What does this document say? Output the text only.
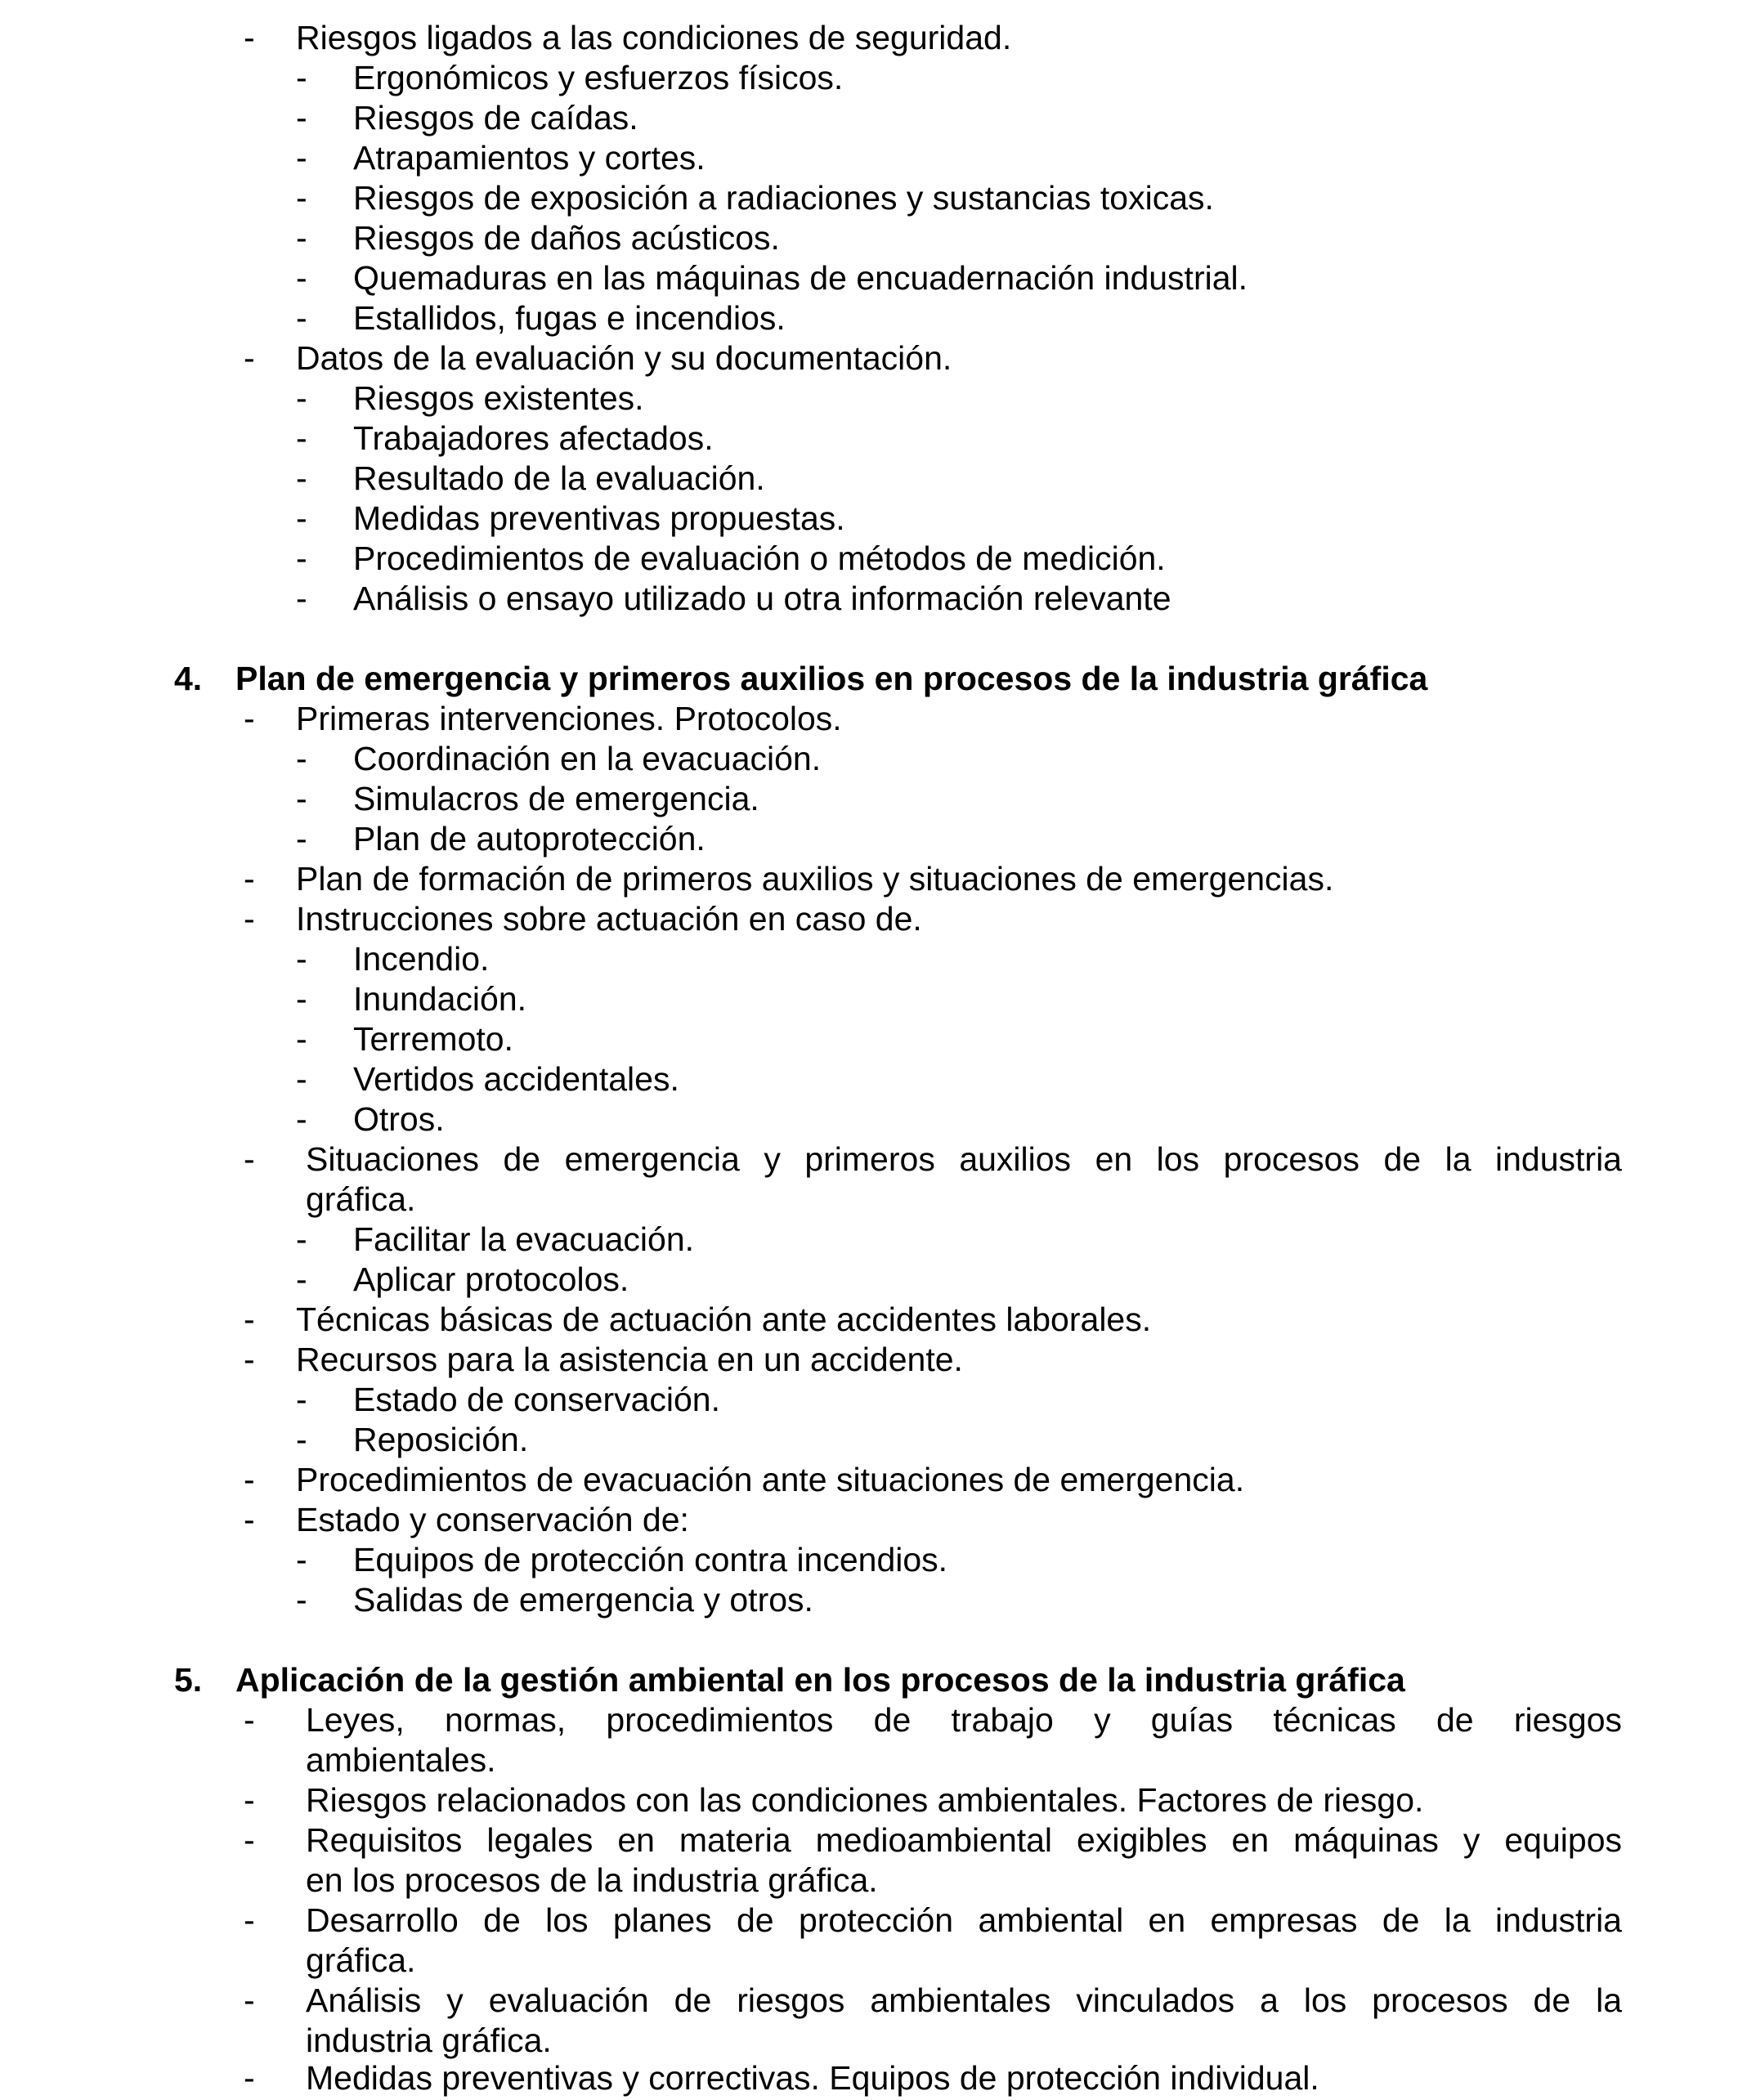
- Riesgos ligados a las condiciones de seguridad.
- Ergonómicos y esfuerzos físicos.
- Riesgos de caídas.
- Atrapamientos y cortes.
- Riesgos de exposición a radiaciones y sustancias toxicas.
- Riesgos de daños acústicos.
- Quemaduras en las máquinas de encuadernación industrial.
- Estallidos, fugas e incendios.
- Datos de la evaluación y su documentación.
- Riesgos existentes.
- Trabajadores afectados.
- Resultado de la evaluación.
- Medidas preventivas propuestas.
- Procedimientos de evaluación o métodos de medición.
- Análisis o ensayo utilizado u otra información relevante
4. Plan de emergencia y primeros auxilios en procesos de la industria gráfica
- Primeras intervenciones. Protocolos.
- Coordinación en la evacuación.
- Simulacros de emergencia.
- Plan de autoprotección.
- Plan de formación de primeros auxilios y situaciones de emergencias.
- Instrucciones sobre actuación en caso de.
- Incendio.
- Inundación.
- Terremoto.
- Vertidos accidentales.
- Otros.
- Situaciones de emergencia y primeros auxilios en los procesos de la industria
gráfica.
- Facilitar la evacuación.
- Aplicar protocolos.
- Técnicas básicas de actuación ante accidentes laborales.
- Recursos para la asistencia en un accidente.
- Estado de conservación.
- Reposición.
- Procedimientos de evacuación ante situaciones de emergencia.
- Estado y conservación de:
- Equipos de protección contra incendios.
- Salidas de emergencia y otros.
5. Aplicación de la gestión ambiental en los procesos de la industria gráfica
- Leyes, normas, procedimientos de trabajo y guías técnicas de riesgos
ambientales.
- Riesgos relacionados con las condiciones ambientales. Factores de riesgo.
- Requisitos legales en materia medioambiental exigibles en máquinas y equipos
en los procesos de la industria gráfica.
- Desarrollo de los planes de protección ambiental en empresas de la industria
gráfica.
- Análisis y evaluación de riesgos ambientales vinculados a los procesos de la
industria gráfica.
- Medidas preventivas y correctivas. Equipos de protección individual.
